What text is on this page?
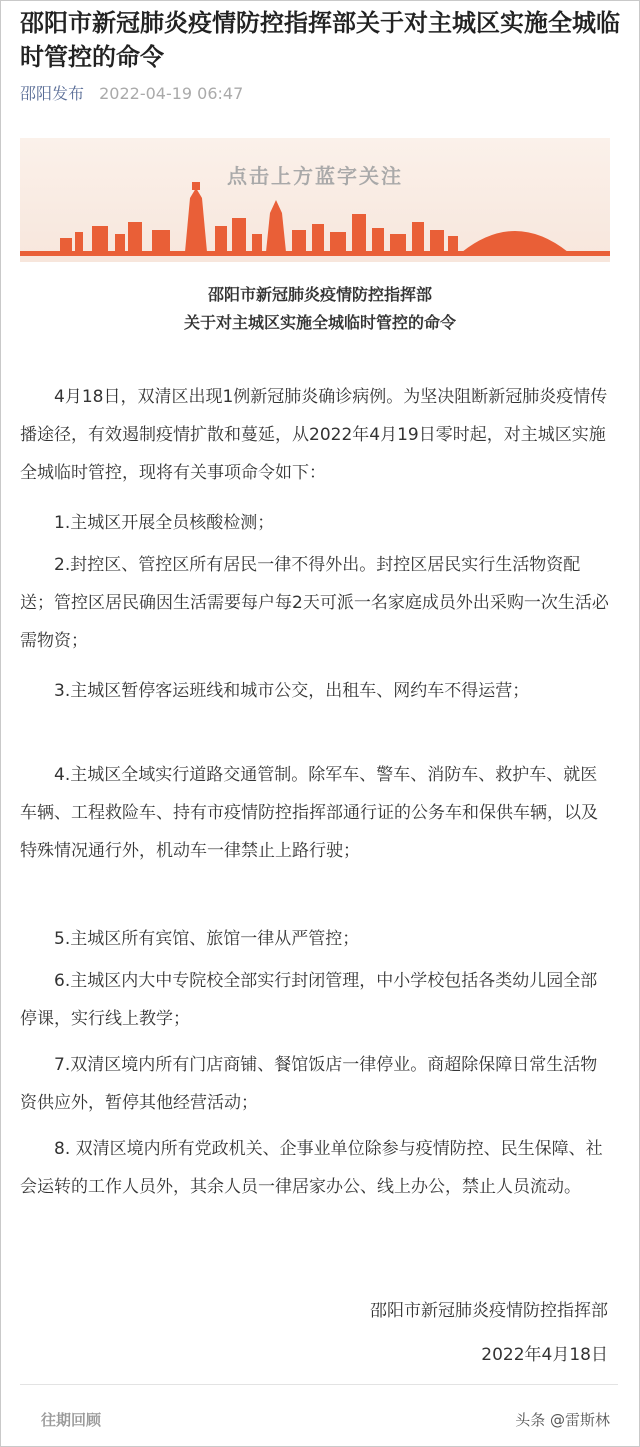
邵阳市新冠肺炎疫情防控指挥部关于对主城区实施全城临时管控的命令
邵阳发布 2022-04-19 06:47
点击上方蓝字关注
邵阳市新冠肺炎疫情防控指挥部
关于对主城区实施全城临时管控的命令

4月18日，双清区出现1例新冠肺炎确诊病例。为坚决阻断新冠肺炎疫情传播途径，有效遏制疫情扩散和蔓延，从2022年4月19日零时起，对主城区实施全城临时管控，现将有关事项命令如下：

1.主城区开展全员核酸检测；

2.封控区、管控区所有居民一律不得外出。封控区居民实行生活物资配送；管控区居民确因生活需要每户每2天可派一名家庭成员外出采购一次生活必需物资；

3.主城区暂停客运班线和城市公交，出租车、网约车不得运营；

4.主城区全域实行道路交通管制。除军车、警车、消防车、救护车、就医车辆、工程救险车、持有市疫情防控指挥部通行证的公务车和保供车辆，以及特殊情况通行外，机动车一律禁止上路行驶；

5.主城区所有宾馆、旅馆一律从严管控；

6.主城区内大中专院校全部实行封闭管理，中小学校包括各类幼儿园全部停课，实行线上教学；

7.双清区境内所有门店商铺、餐馆饭店一律停业。商超除保障日常生活物资供应外，暂停其他经营活动；

8. 双清区境内所有党政机关、企事业单位除参与疫情防控、民生保障、社会运转的工作人员外，其余人员一律居家办公、线上办公，禁止人员流动。

邵阳市新冠肺炎疫情防控指挥部
2022年4月18日
往期回顾	头条 @雷斯林
